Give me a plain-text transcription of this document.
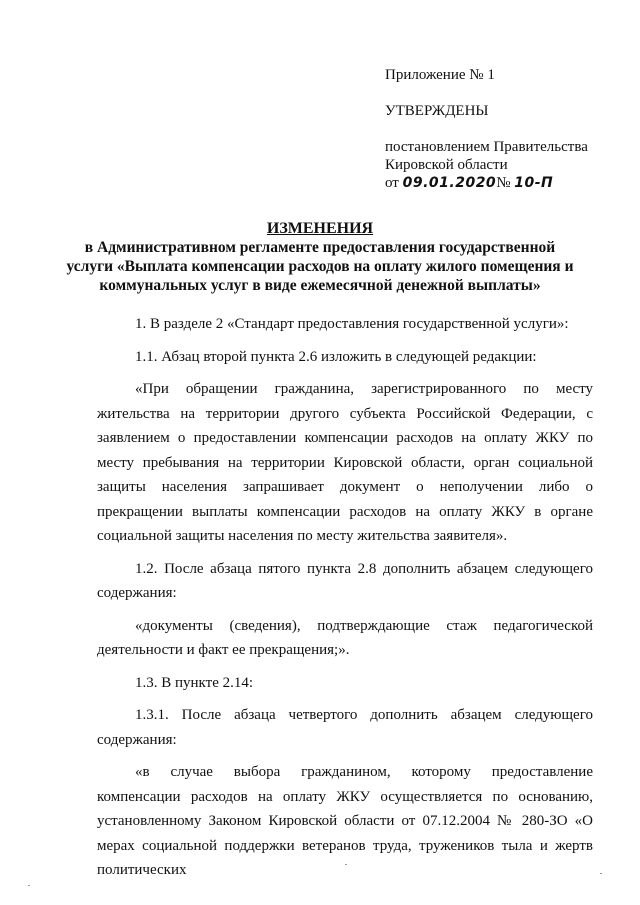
Приложение № 1
УТВЕРЖДЕНЫ
постановлением Правительства
Кировской области
от 09.01.2020№ 10-П
ИЗМЕНЕНИЯ
в Административном регламенте предоставления государственной
услуги «Выплата компенсации расходов на оплату жилого помещения и
коммунальных услуг в виде ежемесячной денежной выплаты»

1. В разделе 2 «Стандарт предоставления государственной услуги»:

1.1. Абзац второй пункта 2.6 изложить в следующей редакции:

«При обращении гражданина, зарегистрированного по месту жительства на территории другого субъекта Российской Федерации, с заявлением о предоставлении компенсации расходов на оплату ЖКУ по месту пребывания на территории Кировской области, орган социальной защиты населения запрашивает документ о неполучении либо о прекращении выплаты компенсации расходов на оплату ЖКУ в органе социальной защиты населения по месту жительства заявителя».

1.2. После абзаца пятого пункта 2.8 дополнить абзацем следующего содержания:

«документы (сведения), подтверждающие стаж педагогической деятельности и факт ее прекращения;».

1.3. В пункте 2.14:

1.3.1. После абзаца четвертого дополнить абзацем следующего содержания:

«в случае выбора гражданином, которому предоставление компенсации расходов на оплату ЖКУ осуществляется по основанию, установленному Законом Кировской области от 07.12.2004 № 280-ЗО «О мерах социальной поддержки ветеранов труда, тружеников тыла и жертв политических
